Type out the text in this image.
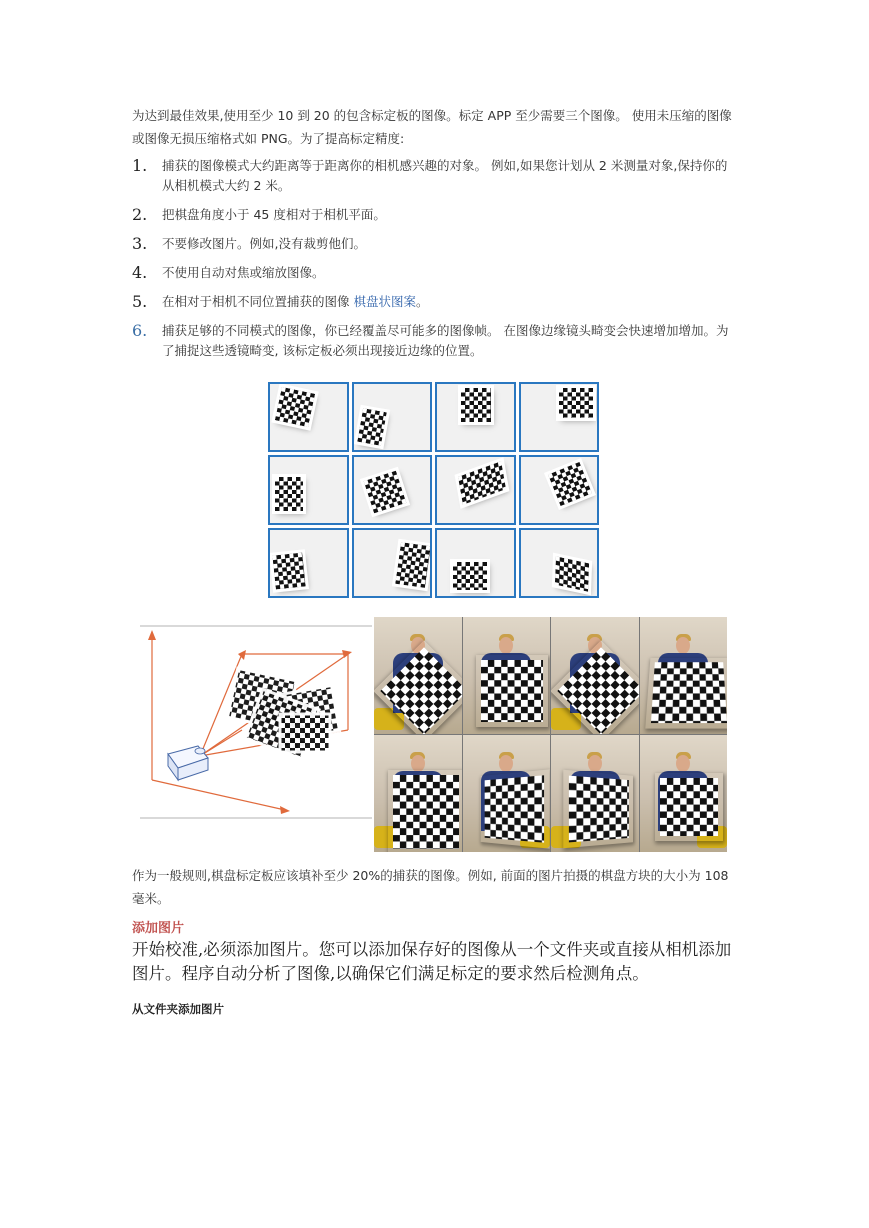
为达到最佳效果,使用至少 10 到 20 的包含标定板的图像。标定 APP 至少需要三个图像。 使用未压缩的图像或图像无损压缩格式如 PNG。为了提高标定精度:

1. 捕获的图像模式大约距离等于距离你的相机感兴趣的对象。 例如,如果您计划从 2 米测量对象,保持你的从相机模式大约 2 米。
2. 把棋盘角度小于 45 度相对于相机平面。
3. 不要修改图片。例如,没有裁剪他们。
4. 不使用自动对焦或缩放图像。
5. 在相对于相机不同位置捕获的图像 棋盘状图案。
6. 捕获足够的不同模式的图像，你已经覆盖尽可能多的图像帧。 在图像边缘镜头畸变会快速增加增加。为了捕捉这些透镜畸变, 该标定板必须出现接近边缘的位置。

作为一般规则,棋盘标定板应该填补至少 20%的捕获的图像。例如, 前面的图片拍摄的棋盘方块的大小为 108 毫米。

添加图片

开始校准,必须添加图片。您可以添加保存好的图像从一个文件夹或直接从相机添加图片。程序自动分析了图像,以确保它们满足标定的要求然后检测角点。

从文件夹添加图片
